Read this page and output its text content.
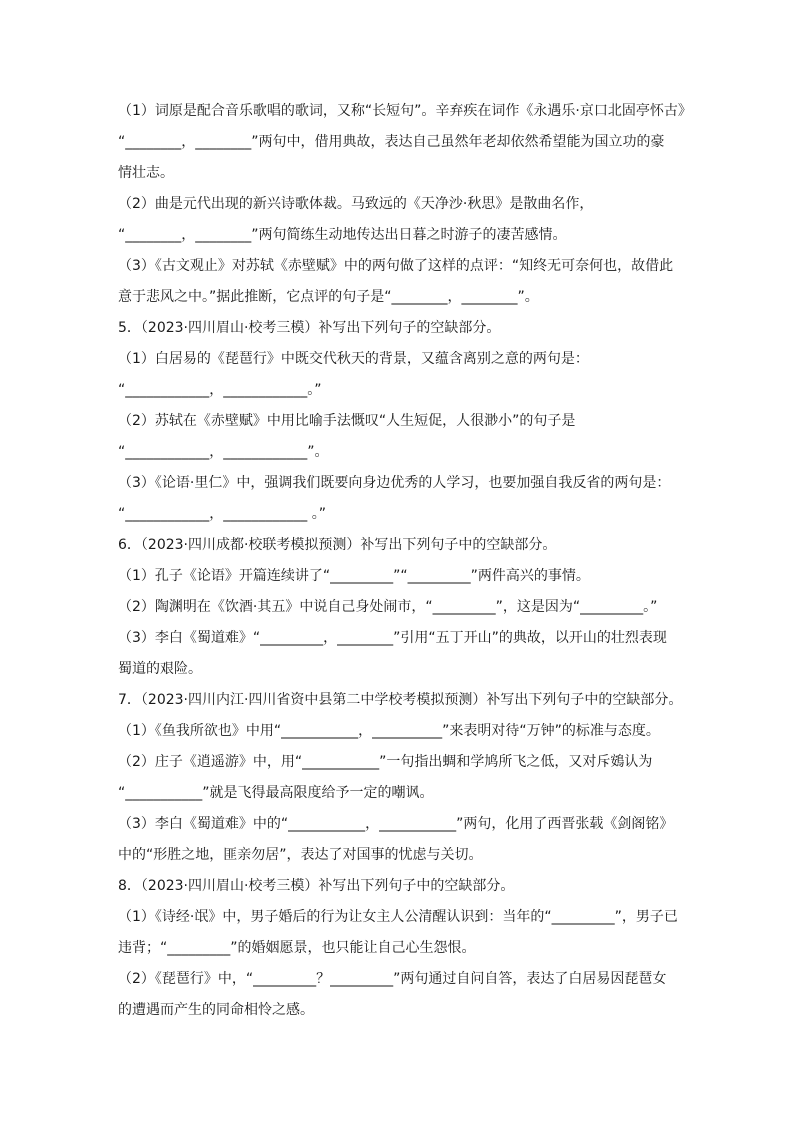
（1）词原是配合音乐歌唱的歌词，又称“长短句”。辛弃疾在词作《永遇乐·京口北固亭怀古》
“________，________”两句中，借用典故，表达自己虽然年老却依然希望能为国立功的豪
情壮志。
（2）曲是元代出现的新兴诗歌体裁。马致远的《天净沙·秋思》是散曲名作，
“________，________”两句简练生动地传达出日暮之时游子的凄苦感情。
（3）《古文观止》对苏轼《赤壁赋》中的两句做了这样的点评：“知终无可奈何也，故借此
意于悲风之中。”据此推断，它点评的句子是“________，________”。
5．（2023·四川眉山·校考三模）补写出下列句子的空缺部分。
（1）白居易的《琵琶行》中既交代秋天的背景，又蕴含离别之意的两句是：
“____________，____________。”
（2）苏轼在《赤壁赋》中用比喻手法慨叹“人生短促，人很渺小”的句子是
“____________，____________”。
（3）《论语·里仁》中，强调我们既要向身边优秀的人学习，也要加强自我反省的两句是：
“____________，____________ 。”
6．（2023·四川成都·校联考模拟预测）补写出下列句子中的空缺部分。
（1）孔子《论语》开篇连续讲了“_________”“_________”两件高兴的事情。
（2）陶渊明在《饮酒·其五》中说自己身处闹市，“_________”，这是因为“_________。”
（3）李白《蜀道难》“_________，________”引用“五丁开山”的典故，以开山的壮烈表现
蜀道的艰险。
7．（2023·四川内江·四川省资中县第二中学校考模拟预测）补写出下列句子中的空缺部分。
（1）《鱼我所欲也》中用“___________，__________”来表明对待“万钟”的标准与态度。
（2）庄子《逍遥游》中，用“___________”一句指出蜩和学鸠所飞之低，又对斥鴳认为
“___________”就是飞得最高限度给予一定的嘲讽。
（3）李白《蜀道难》中的“___________，___________”两句，化用了西晋张载《剑阁铭》
中的“形胜之地，匪亲勿居”，表达了对国事的忧虑与关切。
8．（2023·四川眉山·校考三模）补写出下列句子中的空缺部分。
（1）《诗经·氓》中，男子婚后的行为让女主人公清醒认识到：当年的“_________”，男子已
违背；“_________”的婚姻愿景，也只能让自己心生怨恨。
（2）《琵琶行》中，“_________？_________”两句通过自问自答，表达了白居易因琵琶女
的遭遇而产生的同命相怜之感。
